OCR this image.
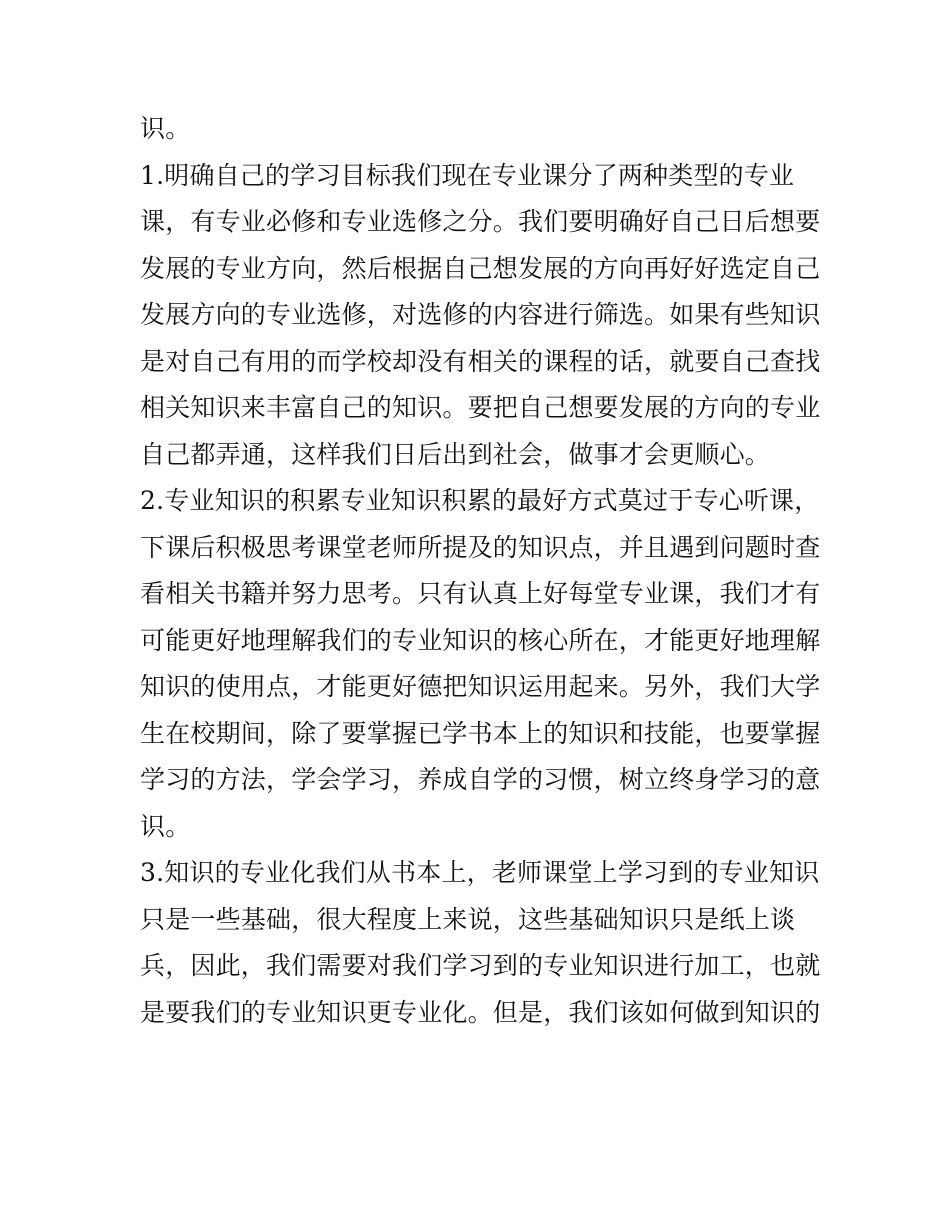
识。
1.明确自己的学习目标我们现在专业课分了两种类型的专业
课，有专业必修和专业选修之分。我们要明确好自己日后想要
发展的专业方向，然后根据自己想发展的方向再好好选定自己
发展方向的专业选修，对选修的内容进行筛选。如果有些知识
是对自己有用的而学校却没有相关的课程的话，就要自己查找
相关知识来丰富自己的知识。要把自己想要发展的方向的专业
自己都弄通，这样我们日后出到社会，做事才会更顺心。
2.专业知识的积累专业知识积累的最好方式莫过于专心听课，
下课后积极思考课堂老师所提及的知识点，并且遇到问题时查
看相关书籍并努力思考。只有认真上好每堂专业课，我们才有
可能更好地理解我们的专业知识的核心所在，才能更好地理解
知识的使用点，才能更好德把知识运用起来。另外，我们大学
生在校期间，除了要掌握已学书本上的知识和技能，也要掌握
学习的方法，学会学习，养成自学的习惯，树立终身学习的意
识。
3.知识的专业化我们从书本上，老师课堂上学习到的专业知识
只是一些基础，很大程度上来说，这些基础知识只是纸上谈
兵，因此，我们需要对我们学习到的专业知识进行加工，也就
是要我们的专业知识更专业化。但是，我们该如何做到知识的
